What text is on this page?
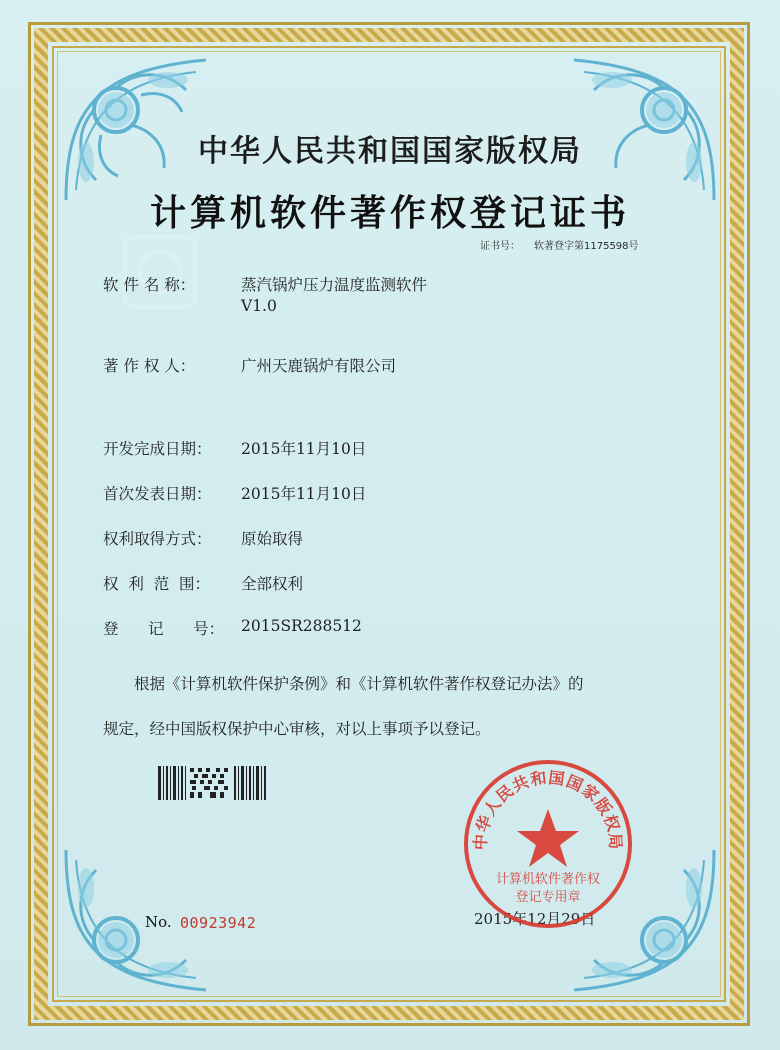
中华人民共和国国家版权局
计算机软件著作权登记证书
证书号： 软著登字第1175598号
软 件 名 称：	蒸汽锅炉压力温度监测软件
V1.0
著 作 权 人：	广州天鹿锅炉有限公司
开发完成日期： 2015年11月10日
首次发表日期： 2015年11月10日
权利取得方式： 原始取得
权  利  范  围： 全部权利
登      记      号： 2015SR288512
根据《计算机软件保护条例》和《计算机软件著作权登记办法》的
规定，经中国版权保护中心审核，对以上事项予以登记。
No. 00923942	2015年12月29日
中华人民共和国国家版权局
计算机软件著作权
登记专用章
